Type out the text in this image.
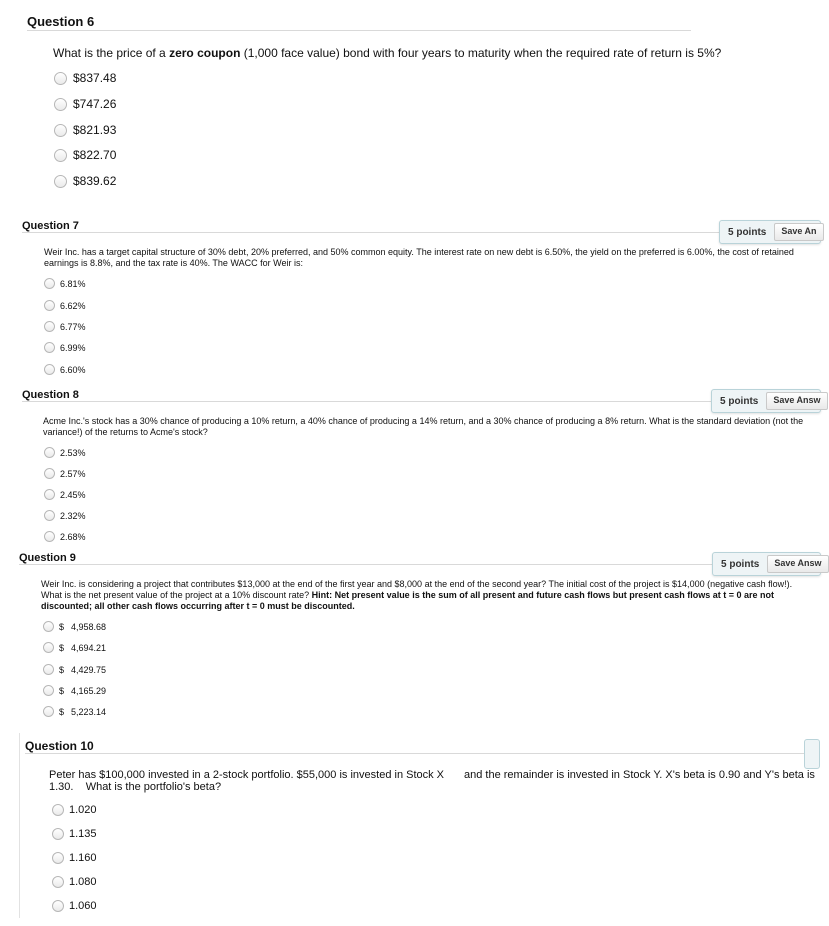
Question 6
What is the price of a zero coupon (1,000 face value) bond with four years to maturity when the required rate of return is 5%?
$837.48
$747.26
$821.93
$822.70
$839.62
Question 7	5 points	Save An
Weir Inc. has a target capital structure of 30% debt, 20% preferred, and 50% common equity. The interest rate on new debt is 6.50%, the yield on the preferred is 6.00%, the cost of retained earnings is 8.8%, and the tax rate is 40%. The WACC for Weir is:
6.81%
6.62%
6.77%
6.99%
6.60%
Question 8	5 points	Save Answ
Acme Inc.'s stock has a 30% chance of producing a 10% return, a 40% chance of producing a 14% return, and a 30% chance of producing a 8% return. What is the standard deviation (not the variance!) of the returns to Acme's stock?
2.53%
2.57%
2.45%
2.32%
2.68%
Question 9	5 points	Save Answ
Weir Inc. is considering a project that contributes $13,000 at the end of the first year and $8,000 at the end of the second year? The initial cost of the project is $14,000 (negative cash flow!). What is the net present value of the project at a 10% discount rate? Hint: Net present value is the sum of all present and future cash flows but present cash flows at t = 0 are not discounted; all other cash flows occurring after t = 0 must be discounted.
$ 4,958.68
$ 4,694.21
$ 4,429.75
$ 4,165.29
$ 5,223.14
Question 10
Peter has $100,000 invested in a 2-stock portfolio. $55,000 is invested in Stock X	and the remainder is invested in Stock Y. X's beta is 0.90 and Y's beta is
1.30.    What is the portfolio's beta?
1.020
1.135
1.160
1.080
1.060
